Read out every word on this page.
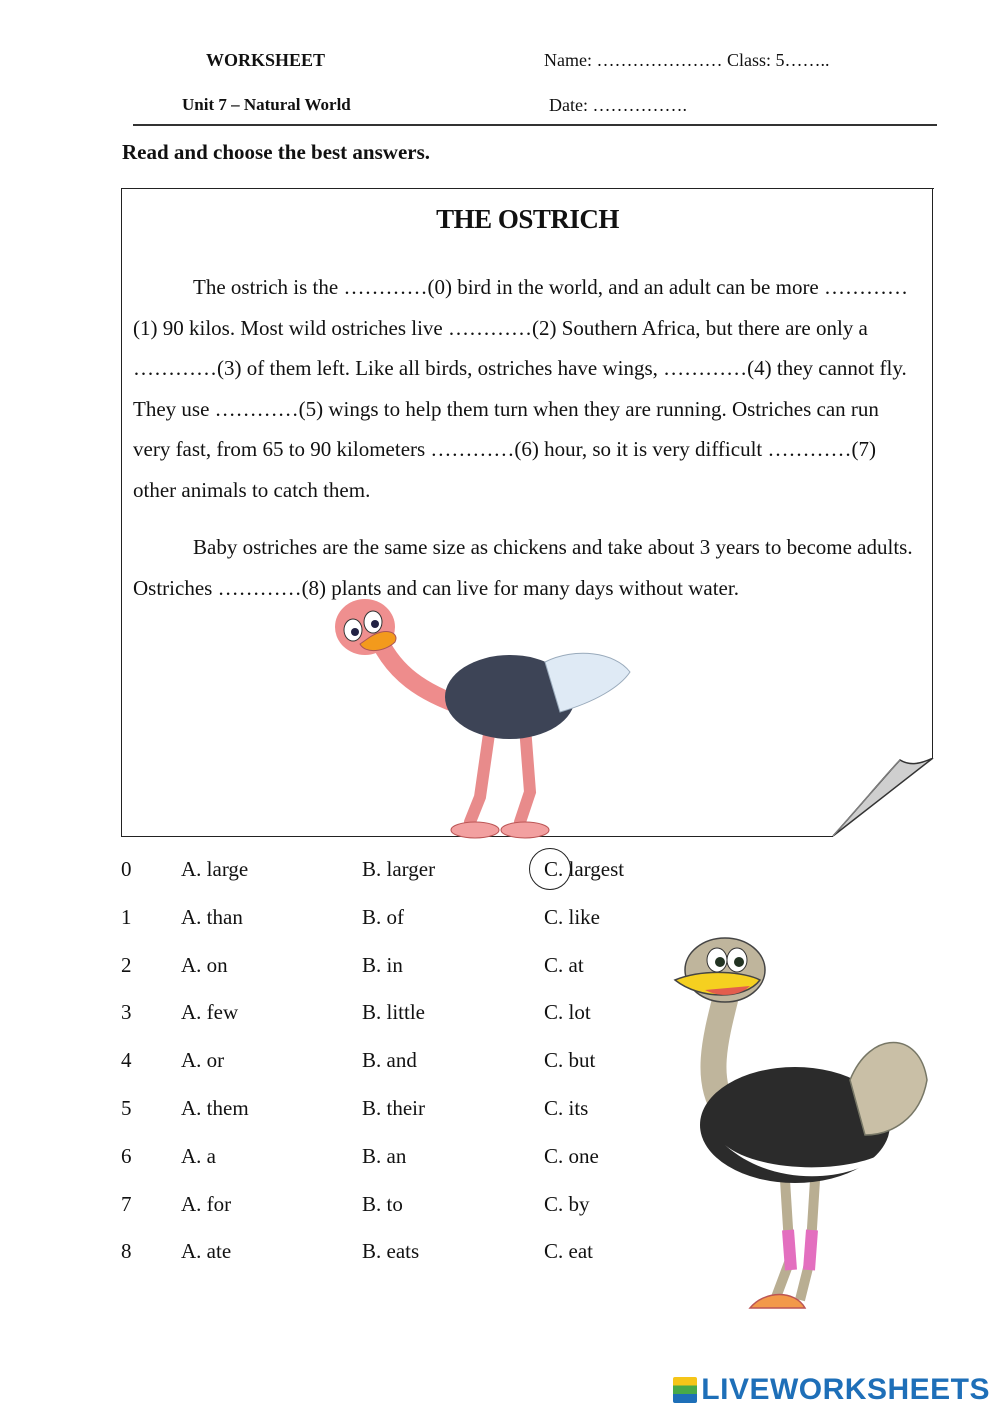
WORKSHEET
Unit 7 – Natural World
Name: ………………… Class: 5……..
Date: …………….
Read and choose the best answers.
THE OSTRICH

The ostrich is the …………(0) bird in the world, and an adult can be more ………… (1) 90 kilos. Most wild ostriches live …………(2) Southern Africa, but there are only a …………(3) of them left. Like all birds, ostriches have wings, …………(4) they cannot fly. They use …………(5) wings to help them turn when they are running. Ostriches can run very fast, from 65 to 90 kilometers …………(6) hour, so it is very difficult …………(7) other animals to catch them.

Baby ostriches are the same size as chickens and take about 3 years to become adults. Ostriches …………(8) plants and can live for many days without water.

0 A. large	B. larger	C. largest
1 A. than	B. of	C. like
2 A. on	B. in	C. at
3 A. few	B. little	C. lot
4 A. or	B. and	C. but
5 A. them	B. their	C. its
6 A. a	B. an	C. one
7 A. for	B. to	C. by
8 A. ate	B. eats	C. eat
LIVEWORKSHEETS
